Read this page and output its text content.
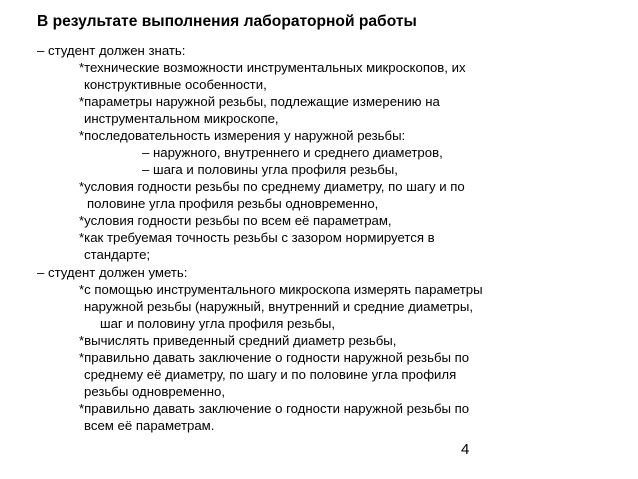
В результате выполнения лабораторной работы
– студент должен знать:
*технические возможности инструментальных микроскопов, их
конструктивные особенности,
*параметры наружной резьбы, подлежащие измерению на
инструментальном микроскопе,
*последовательность измерения у наружной резьбы:
– наружного, внутреннего и среднего диаметров,
– шага и половины угла профиля резьбы,
*условия годности резьбы по среднему диаметру, по шагу и по
половине угла профиля резьбы одновременно,
*условия годности резьбы по всем её параметрам,
*как требуемая точность резьбы с зазором нормируется в
стандарте;
– студент должен уметь:
*с помощью инструментального микроскопа измерять параметры
наружной резьбы (наружный, внутренний и средние диаметры,
шаг и половину угла профиля резьбы,
*вычислять приведенный средний диаметр резьбы,
*правильно давать заключение о годности наружной резьбы по
среднему её диаметру, по шагу и по половине угла профиля
резьбы одновременно,
*правильно давать заключение о годности наружной резьбы по
всем её параметрам.
4
